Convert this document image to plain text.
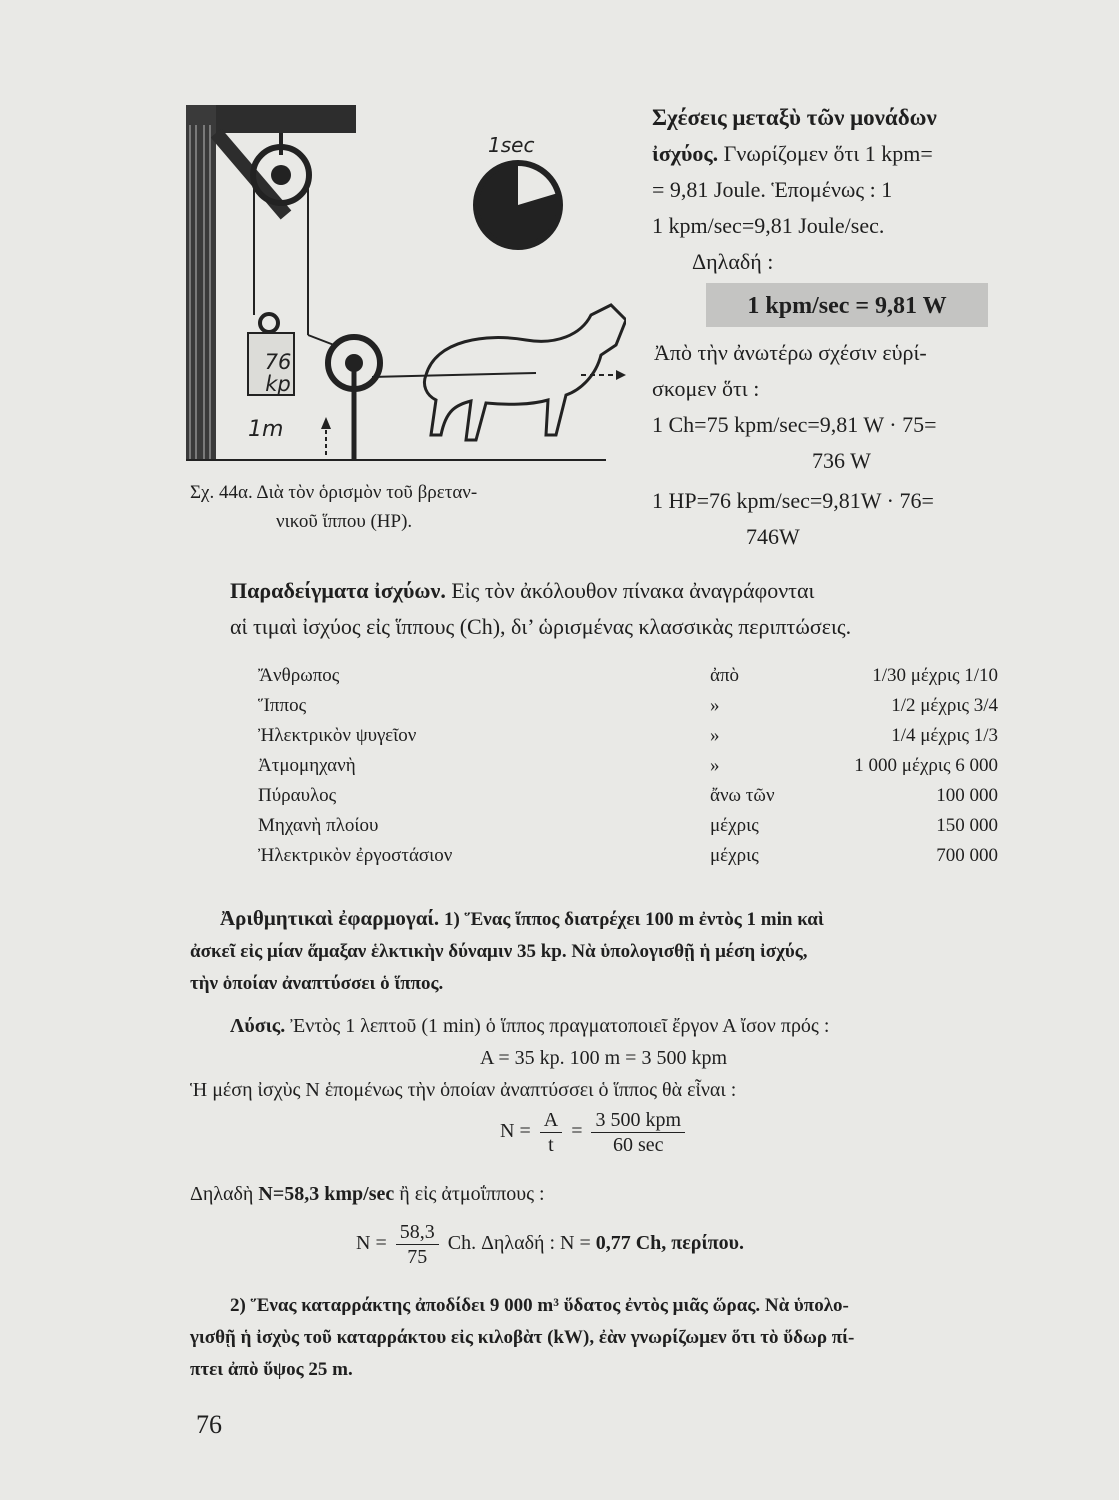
1sec
76
kp
1m
Σχ. 44α. Διὰ τὸν ὁρισμὸν τοῦ βρεταν-
νικοῦ ἵππου (HP).
Σχέσεις μεταξὺ τῶν μονάδων
ἰσχύος. Γνωρίζομεν ὅτι 1 kpm=
= 9,81 Joule. Ἑπομένως : 1
1 kpm/sec=9,81 Joule/sec.
Δηλαδή :
1 kpm/sec = 9,81 W
Ἀπὸ τὴν ἀνωτέρω σχέσιν εὑρί-
σκομεν ὅτι :
1 Ch=75 kpm/sec=9,81 W · 75=
736 W
1 HP=76 kpm/sec=9,81W · 76=
746W
Παραδείγματα ἰσχύων. Εἰς τὸν ἀκόλουθον πίνακα ἀναγράφονται
αἱ τιμαὶ ἰσχύος εἰς ἵππους (Ch), δι’ ὡρισμένας κλασσικὰς περιπτώσεις.
Ἄνθρωπος	ἀπὸ	1/30 μέχρις 1/10
Ἵππος	»	1/2 μέχρις 3/4
Ἠλεκτρικὸν ψυγεῖον	»	1/4 μέχρις 1/3
Ἀτμομηχανὴ	»	1 000 μέχρις 6 000
Πύραυλος	ἄνω τῶν	100 000
Μηχανὴ πλοίου	μέχρις	150 000
Ἠλεκτρικὸν ἐργοστάσιον	μέχρις	700 000
Ἀριθμητικαὶ ἐφαρμογαί. 1) Ἕνας ἵππος διατρέχει 100 m ἐντὸς 1 min καὶ
ἀσκεῖ εἰς μίαν ἅμαξαν ἑλκτικὴν δύναμιν 35 kp. Νὰ ὑπολογισθῇ ἡ μέση ἰσχύς,
τὴν ὁποίαν ἀναπτύσσει ὁ ἵππος.
Λύσις. Ἐντὸς 1 λεπτοῦ (1 min) ὁ ἵππος πραγματοποιεῖ ἔργον Α ἴσον πρός :
A = 35 kp. 100 m = 3 500 kpm
Ἡ μέση ἰσχὺς Ν ἑπομένως τὴν ὁποίαν ἀναπτύσσει ὁ ἵππος θὰ εἶναι :
$N = \frac{A}{t} = \frac{\text{3 500 kpm}}{60 \sec}$
Δηλαδὴ N=58,3 kmp/sec ἢ εἰς ἀτμοΐππους :
$N = \frac{58,3}{75} Ch$. Δηλαδή : N = 0,77 Ch, περίπου.
2) Ἕνας καταρράκτης ἀποδίδει 9 000 m³ ὕδατος ἐντὸς μιᾶς ὥρας. Νὰ ὑπολο-
γισθῇ ἡ ἰσχὺς τοῦ καταρράκτου εἰς κιλοβὰτ (kW), ἐὰν γνωρίζωμεν ὅτι τὸ ὕδωρ πί-
πτει ἀπὸ ὕψος 25 m.
76
